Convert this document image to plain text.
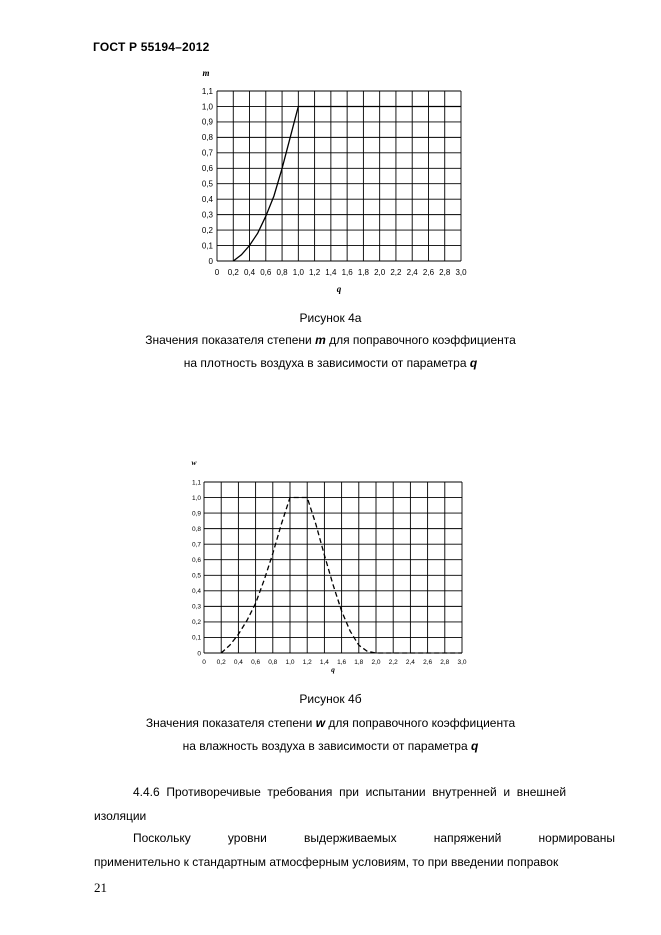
ГОСТ Р 55194–2012
0 0,2 0,4 0,6 0,8 1,0 1,2 1,4 1,6 1,8 2,0 2,2 2,4 2,6 2,8 3,0
0
0,1
0,2
0,3
0,4
0,5
0,6
0,7
0,8
0,9
1,0
1,1
m
q
Рисунок 4а
Значения показателя степени m для поправочного коэффициента
на плотность воздуха в зависимости от параметра q
0 0,2 0,4 0,6 0,8 1,0 1,2 1,4 1,6 1,8 2,0 2,2 2,4 2,6 2,8 3,0
0
0,1
0,2
0,3
0,4
0,5
0,6
0,7
0,8
0,9
1,0
1,1
w
q
Рисунок 4б
Значения показателя степени w для поправочного коэффициента
на влажность воздуха в зависимости от параметра q
4.4.6  Противоречивые  требования  при  испытании  внутренней  и  внешней
изоляции
Поскольку	уровни	выдерживаемых	напряжений	нормированы
применительно к стандартным атмосферным условиям, то при введении поправок
21
